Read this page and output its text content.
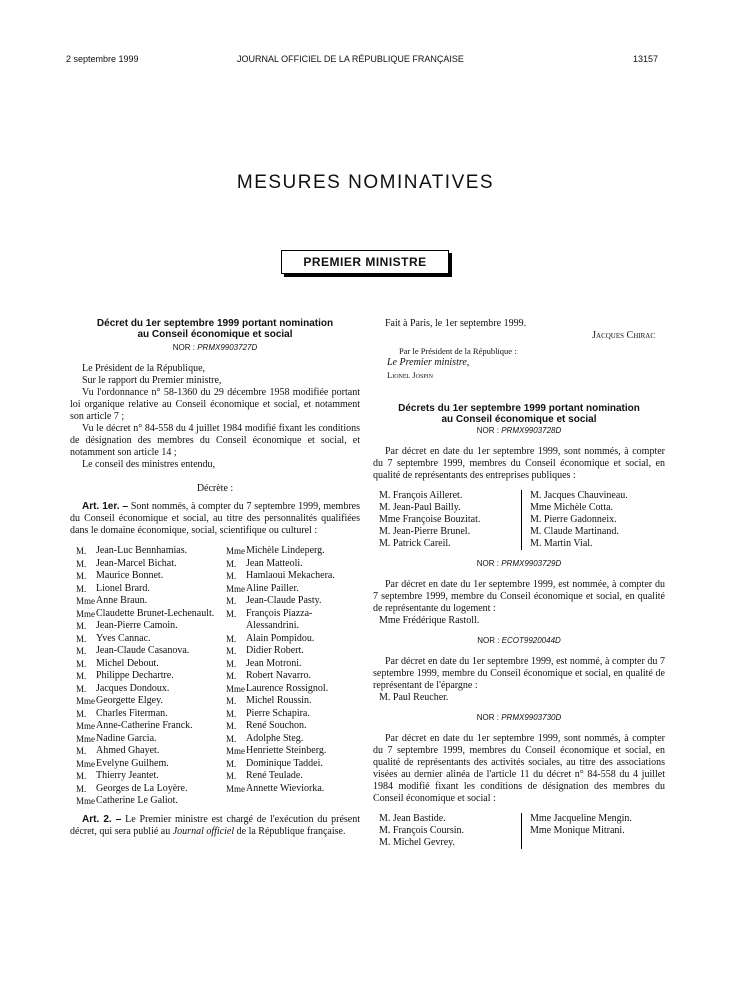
2 septembre 1999	JOURNAL OFFICIEL DE LA RÉPUBLIQUE FRANÇAISE	13157
MESURES NOMINATIVES
PREMIER MINISTRE
Décret du 1er septembre 1999 portant nomination
au Conseil économique et social
NOR : PRMX9903727D

Le Président de la République,

Sur le rapport du Premier ministre,

Vu l'ordonnance n° 58-1360 du 29 décembre 1958 modifiée portant loi organique relative au Conseil économique et social, et notamment son article 7 ;

Vu le décret n° 84-558 du 4 juillet 1984 modifié fixant les conditions de désignation des membres du Conseil économique et social, et notamment son article 14 ;

Le conseil des ministres entendu,

Décrète :

Art. 1er. – Sont nommés, à compter du 7 septembre 1999, membres du Conseil économique et social, au titre des personnalités qualifiées dans le domaine économique, social, scientifique ou culturel :

M. Jean-Luc Bennhamias.
M. Jean-Marcel Bichat.
M. Maurice Bonnet.
M. Lionel Brard.
Mme Anne Braun.
Mme Claudette Brunet-Lechenault.
M. Jean-Pierre Camoin.
M. Yves Cannac.
M. Jean-Claude Casanova.
M. Michel Debout.
M. Philippe Dechartre.
M. Jacques Dondoux.
Mme Georgette Elgey.
M. Charles Fiterman.
Mme Anne-Catherine Franck.
Mme Nadine Garcia.
M. Ahmed Ghayet.
Mme Evelyne Guilhem.
M. Thierry Jeantet.
M. Georges de La Loyère.
Mme Catherine Le Galiot.
Mme Michèle Lindeperg.
M. Jean Matteoli.
M. Hamlaoui Mekachera.
Mme Aline Pailler.
M. Jean-Claude Pasty.
M. François Piazza-Alessandrini.
M. Alain Pompidou.
M. Didier Robert.
M. Jean Motroni.
M. Robert Navarro.
Mme Laurence Rossignol.
M. Michel Roussin.
M. Pierre Schapira.
M. René Souchon.
M. Adolphe Steg.
Mme Henriette Steinberg.
M. Dominique Taddei.
M. René Teulade.
Mme Annette Wieviorka.

Art. 2. – Le Premier ministre est chargé de l'exécution du présent décret, qui sera publié au Journal officiel de la République française.

Fait à Paris, le 1er septembre 1999.
Jacques Chirac
Par le Président de la République :
Le Premier ministre,
Lionel Jospin
Décrets du 1er septembre 1999 portant nomination
au Conseil économique et social
NOR : PRMX9903728D

Par décret en date du 1er septembre 1999, sont nommés, à compter du 7 septembre 1999, membres du Conseil économique et social, en qualité de représentants des entreprises publiques :

M. François Ailleret.
M. Jean-Paul Bailly.
Mme Françoise Bouzitat.
M. Jean-Pierre Brunel.
M. Patrick Careil.
M. Jacques Chauvineau.
Mme Michèle Cotta.
M. Pierre Gadonneix.
M. Claude Martinand.
M. Martin Vial.
NOR : PRMX9903729D

Par décret en date du 1er septembre 1999, est nommée, à compter du 7 septembre 1999, membre du Conseil économique et social, en qualité de représentante du logement :

Mme Frédérique Rastoll.
NOR : ECOT9920044D

Par décret en date du 1er septembre 1999, est nommé, à compter du 7 septembre 1999, membre du Conseil économique et social, en qualité de représentant de l'épargne :

M. Paul Reucher.
NOR : PRMX9903730D

Par décret en date du 1er septembre 1999, sont nommés, à compter du 7 septembre 1999, membres du Conseil économique et social, en qualité de représentants des activités sociales, au titre des associations visées au dernier alinéa de l'article 11 du décret n° 84-558 du 4 juillet 1984 modifié fixant les conditions de désignation des membres du Conseil économique et social :

M. Jean Bastide.
M. François Coursin.
M. Michel Gevrey.
Mme Jacqueline Mengin.
Mme Monique Mitrani.
